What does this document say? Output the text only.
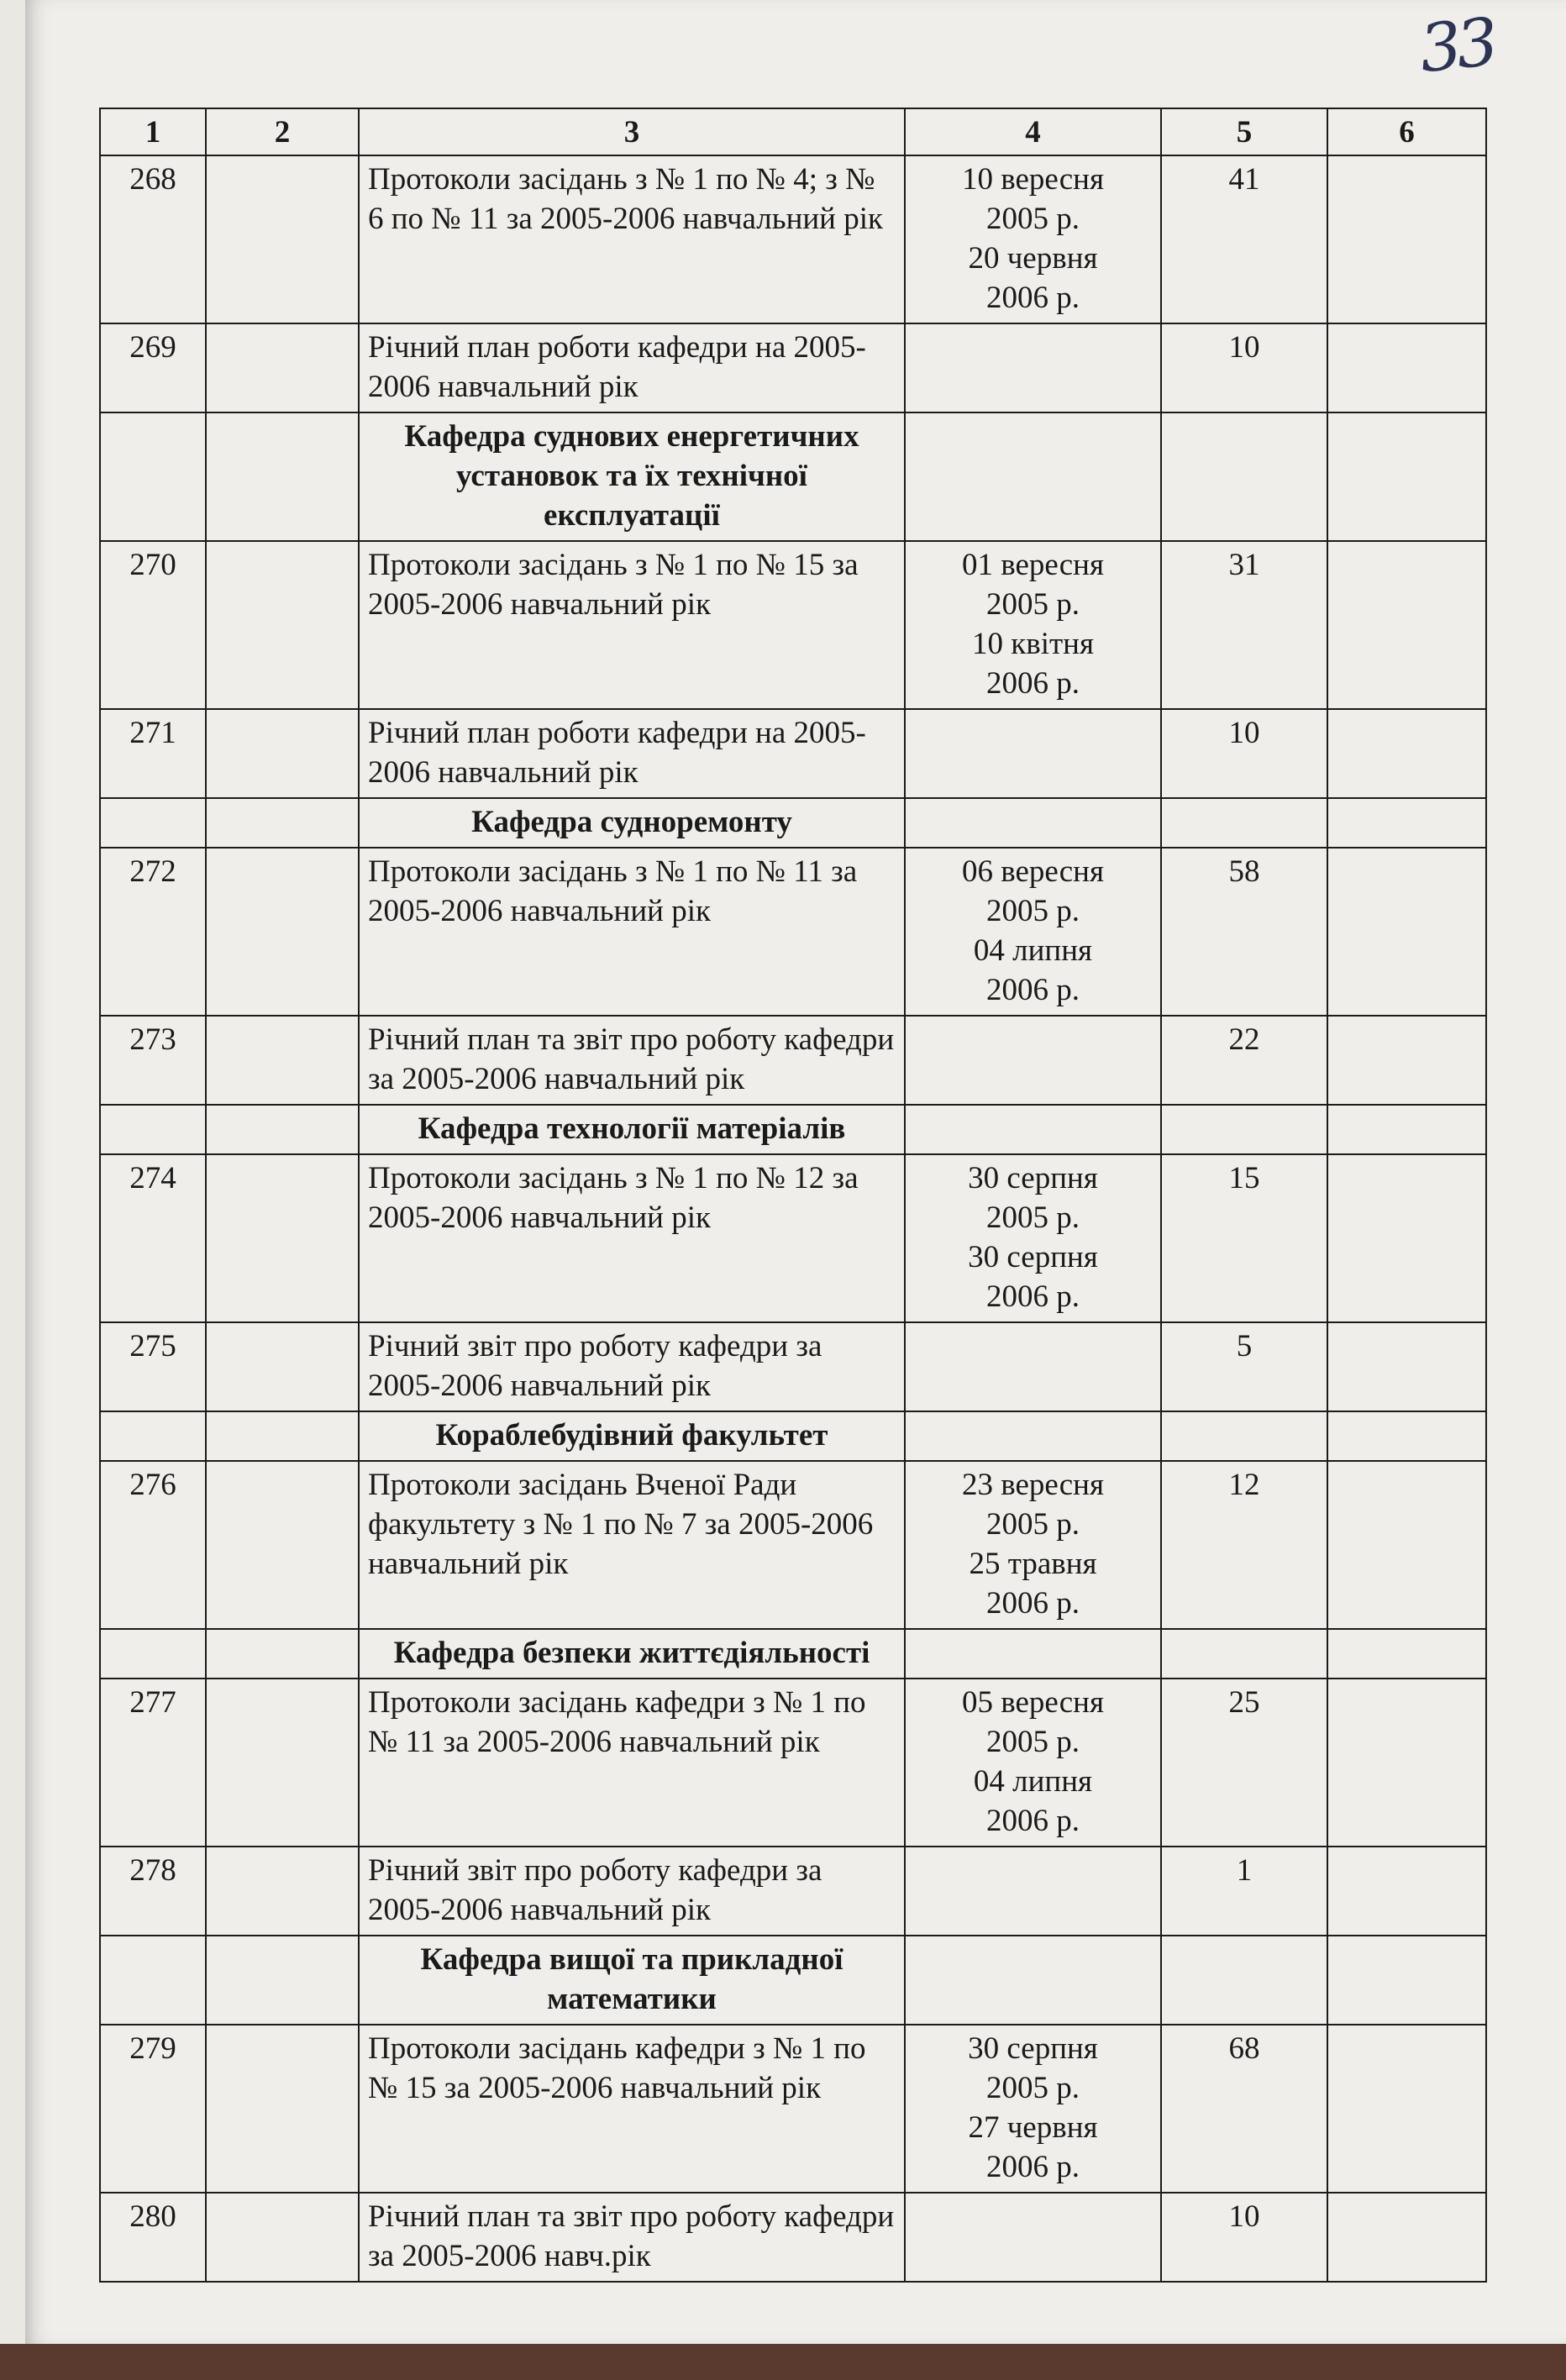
33
1	2	3	4	5	6
268		Протоколи засідань з № 1 по № 4; з № 6 по № 11 за 2005-2006 навчальний рік	10 вересня
2005 р.
20 червня
2006 р.	41	
269		Річний план роботи кафедри на 2005-2006 навчальний рік		10	
		Кафедра суднових енергетичних установок та їх технічної експлуатації			
270		Протоколи засідань з № 1 по № 15 за 2005-2006 навчальний рік	01 вересня
2005 р.
10 квітня
2006 р.	31	
271		Річний план роботи кафедри на 2005-2006 навчальний рік		10	
		Кафедра судноремонту			
272		Протоколи засідань з № 1 по № 11 за 2005-2006 навчальний рік	06 вересня
2005 р.
04 липня
2006 р.	58	
273		Річний план та звіт про роботу кафедри за 2005-2006 навчальний рік		22	
		Кафедра технології матеріалів			
274		Протоколи засідань з № 1 по № 12 за 2005-2006 навчальний рік	30 серпня
2005 р.
30 серпня
2006 р.	15	
275		Річний звіт про роботу кафедри за 2005-2006 навчальний рік		5	
		Кораблебудівний факультет			
276		Протоколи засідань Вченої Ради факультету з № 1 по № 7 за 2005-2006 навчальний рік	23 вересня
2005 р.
25 травня
2006 р.	12	
		Кафедра безпеки життєдіяльності			
277		Протоколи засідань кафедри з № 1 по № 11 за 2005-2006 навчальний рік	05 вересня
2005 р.
04 липня
2006 р.	25	
278		Річний звіт про роботу кафедри за 2005-2006 навчальний рік		1	
		Кафедра вищої та прикладної математики			
279		Протоколи засідань кафедри з № 1 по № 15 за 2005-2006 навчальний рік	30 серпня
2005 р.
27 червня
2006 р.	68	
280		Річний план та звіт про роботу кафедри за 2005-2006 навч.рік		10	
